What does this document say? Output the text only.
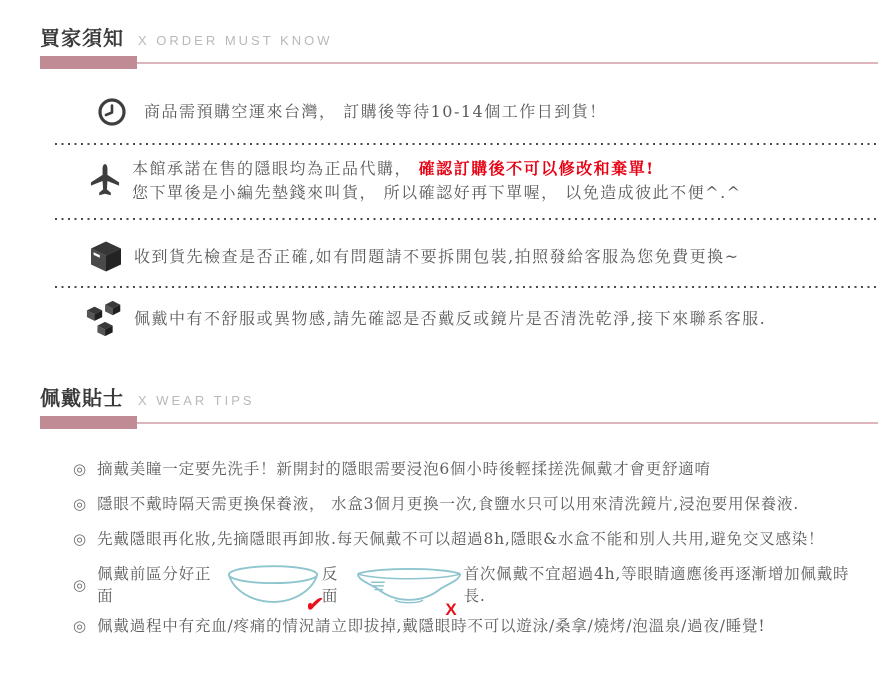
買家須知 X ORDER MUST KNOW
商品需預購空運來台灣， 訂購後等待10-14個工作日到貨！
本館承諾在售的隱眼均為正品代購， 確認訂購後不可以修改和棄單!
您下單後是小編先墊錢來叫貨， 所以確認好再下單喔， 以免造成彼此不便^.^
收到貨先檢查是否正確,如有問題請不要拆開包裝,拍照發給客服為您免費更換~
佩戴中有不舒服或異物感,請先確認是否戴反或鏡片是否清洗乾淨,接下來聯系客服.
佩戴貼士 X WEAR TIPS
◎ 摘戴美瞳一定要先洗手！新開封的隱眼需要浸泡6個小時後輕揉搓洗佩戴才會更舒適唷
◎ 隱眼不戴時隔天需更換保養液， 水盒3個月更換一次,食鹽水只可以用來清洗鏡片,浸泡要用保養液.
◎ 先戴隱眼再化妝,先摘隱眼再卸妝.每天佩戴不可以超過8h,隱眼&水盒不能和別人共用,避免交叉感染！
◎
佩戴前區分好正面	✔
反面
X
首次佩戴不宜超過4h,等眼睛適應後再逐漸增加佩戴時長.
◎ 佩戴過程中有充血/疼痛的情況請立即拔掉,戴隱眼時不可以遊泳/桑拿/燒烤/泡溫泉/過夜/睡覺!
